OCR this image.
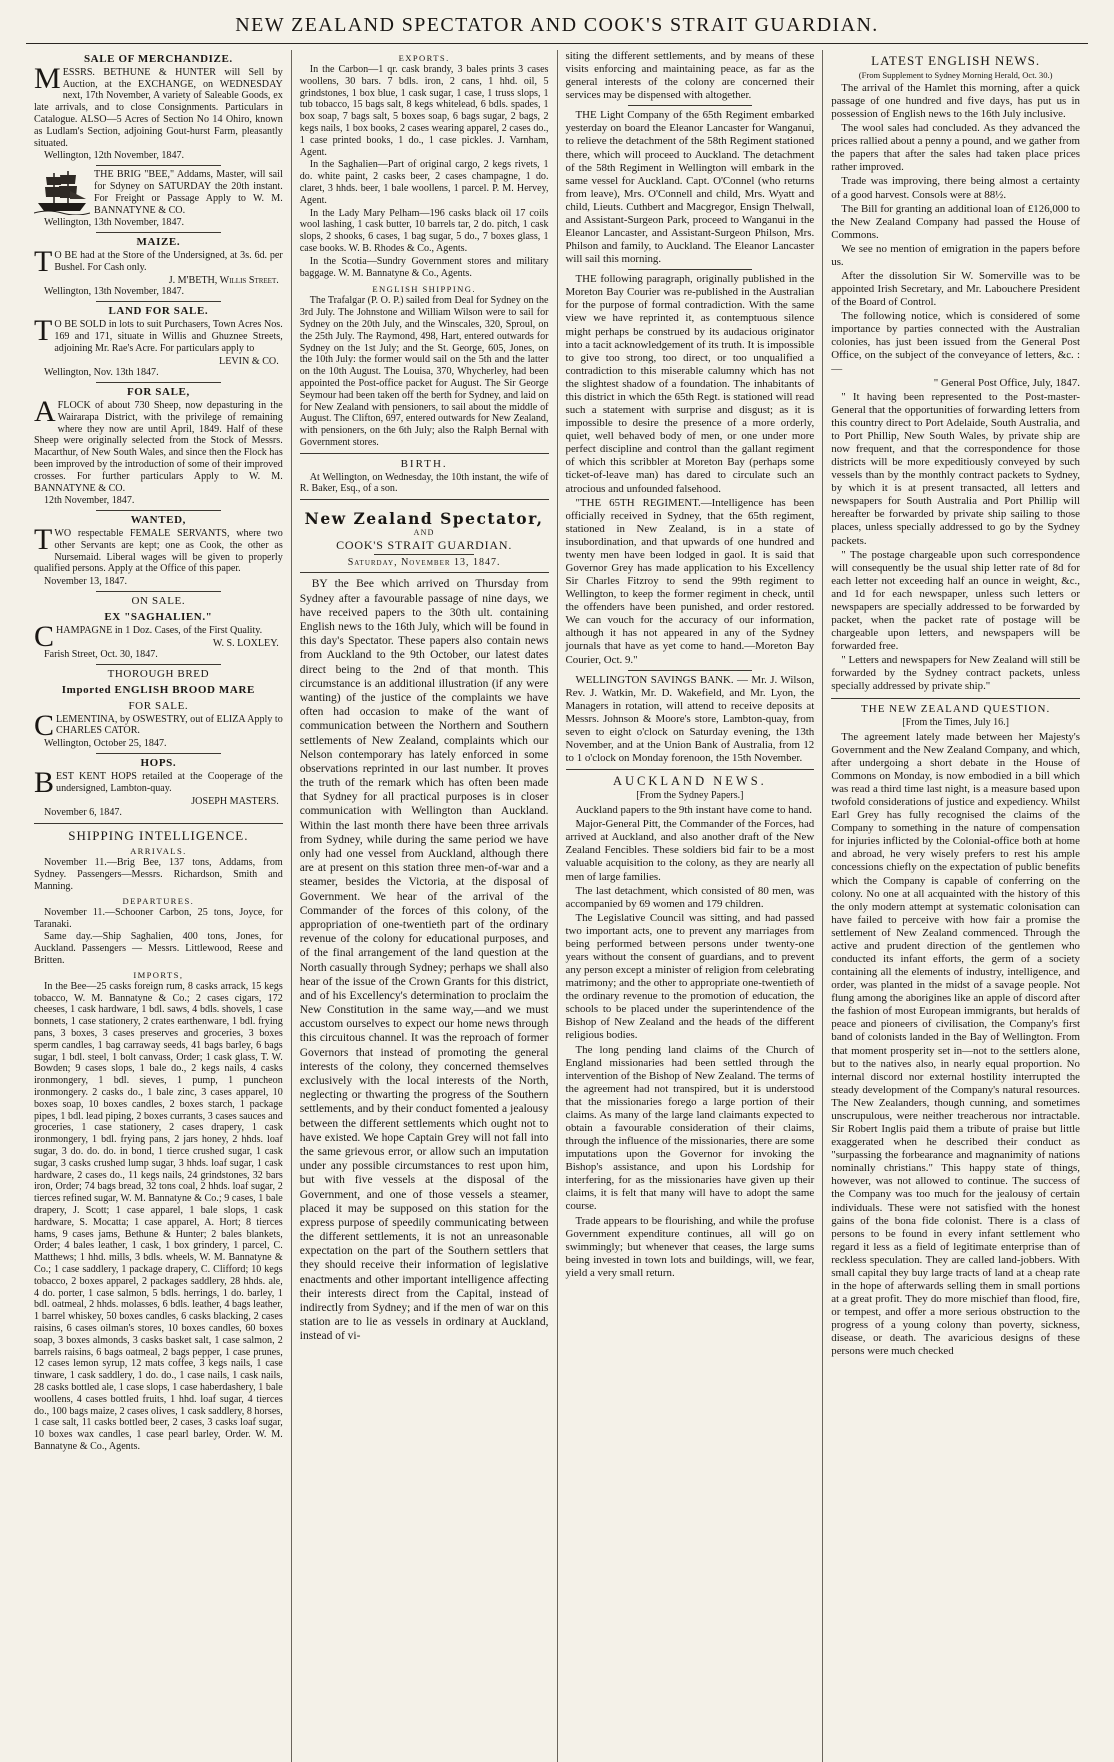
NEW ZEALAND SPECTATOR AND COOK'S STRAIT GUARDIAN.
SALE OF MERCHANDIZE.
MESSRS. BETHUNE & HUNTER will Sell by Auction, at the EXCHANGE, on WEDNESDAY next, 17th November, A variety of Saleable Goods, ex late arrivals, and to close Consignments. Particulars in Catalogue. ALSO—5 Acres of Section No 14 Ohiro, known as Ludlam's Section, adjoining Gout-hurst Farm, pleasantly situated.
Wellington, 12th November, 1847.
THE BRIG "BEE," Addams, Master, will sail for Sdyney on SATURDAY the 20th instant. For Freight or Passage Apply to W. M. BANNATYNE & CO.
Wellington, 13th November, 1847.
MAIZE.
TO BE had at the Store of the Undersigned, at 3s. 6d. per Bushel. For Cash only.
J. M'BETH, Willis Street.
Wellington, 13th November, 1847.
LAND FOR SALE.
TO BE SOLD in lots to suit Purchasers, Town Acres Nos. 169 and 171, situate in Willis and Ghuznee Streets, adjoining Mr. Rae's Acre. For particulars apply to
LEVIN & CO.
Wellington, Nov. 13th 1847.
FOR SALE,
AFLOCK of about 730 Sheep, now depasturing in the Wairarapa District, with the privilege of remaining where they now are until April, 1849. Half of these Sheep were originally selected from the Stock of Messrs. Macarthur, of New South Wales, and since then the Flock has been improved by the introduction of some of their improved crosses. For further particulars Apply to W. M. BANNATYNE & CO.
12th November, 1847.
WANTED,
TWO respectable FEMALE SERVANTS, where two other Servants are kept; one as Cook, the other as Nursemaid. Liberal wages will be given to properly qualified persons. Apply at the Office of this paper.
November 13, 1847.
ON SALE.
EX "SAGHALIEN."
CHAMPAGNE in 1 Doz. Cases, of the First Quality.
W. S. LOXLEY.
Farish Street, Oct. 30, 1847.
THOROUGH BRED
Imported ENGLISH BROOD MARE
FOR SALE.
CLEMENTINA, by OSWESTRY, out of ELIZA Apply to CHARLES CATOR.
Wellington, October 25, 1847.
HOPS.
BEST KENT HOPS retailed at the Cooperage of the undersigned, Lambton-quay.
JOSEPH MASTERS.
November 6, 1847.
SHIPPING INTELLIGENCE.
ARRIVALS.
November 11.—Brig Bee, 137 tons, Addams, from Sydney. Passengers—Messrs. Richardson, Smith and Manning.
DEPARTURES.
November 11.—Schooner Carbon, 25 tons, Joyce, for Taranaki.
Same day.—Ship Saghalien, 400 tons, Jones, for Auckland. Passengers — Messrs. Littlewood, Reese and Britten.
IMPORTS,
In the Bee—25 casks foreign rum, 8 casks arrack, 15 kegs tobacco, W. M. Bannatyne & Co.; 2 cases cigars, 172 cheeses, 1 cask hardware, 1 bdl. saws, 4 bdls. shovels, 1 case bonnets, 1 case stationery, 2 crates earthenware, 1 bdl. frying pans, 3 boxes, 3 cases preserves and groceries, 3 boxes sperm candles, 1 bag carraway seeds, 41 bags barley, 6 bags sugar, 1 bdl. steel, 1 bolt canvass, Order; 1 cask glass, T. W. Bowden; 9 cases slops, 1 bale do., 2 kegs nails, 4 casks ironmongery, 1 bdl. sieves, 1 pump, 1 puncheon ironmongery. 2 casks do., 1 bale zinc, 3 cases apparel, 10 boxes soap, 10 boxes candles, 2 boxes starch, 1 package pipes, 1 bdl. lead piping, 2 boxes currants, 3 cases sauces and groceries, 1 case stationery, 2 cases drapery, 1 cask ironmongery, 1 bdl. frying pans, 2 jars honey, 2 hhds. loaf sugar, 3 do. do. do. in bond, 1 tierce crushed sugar, 1 cask sugar, 3 casks crushed lump sugar, 3 hhds. loaf sugar, 1 cask hardware, 2 cases do., 11 kegs nails, 24 grindstones, 32 bars iron, Order; 74 bags bread, 32 tons coal, 2 hhds. loaf sugar, 2 tierces refined sugar, W. M. Bannatyne & Co.; 9 cases, 1 bale drapery, J. Scott; 1 case apparel, 1 bale slops, 1 cask hardware, S. Mocatta; 1 case apparel, A. Hort; 8 tierces hams, 9 cases jams, Bethune & Hunter; 2 bales blankets, Order; 4 bales leather, 1 cask, 1 box grindery, 1 parcel, C. Matthews; 1 hhd. mills, 3 bdls. wheels, W. M. Bannatyne & Co.; 1 case saddlery, 1 package drapery, C. Clifford; 10 kegs tobacco, 2 boxes apparel, 2 packages saddlery, 28 hhds. ale, 4 do. porter, 1 case salmon, 5 bdls. herrings, 1 do. barley, 1 bdl. oatmeal, 2 hhds. molasses, 6 bdls. leather, 4 bags leather, 1 barrel whiskey, 50 boxes candles, 6 casks blacking, 2 cases raisins, 6 cases oilman's stores, 10 boxes candles, 60 boxes soap, 3 boxes almonds, 3 casks basket salt, 1 case salmon, 2 barrels raisins, 6 bags oatmeal, 2 bags pepper, 1 case prunes, 12 cases lemon syrup, 12 mats coffee, 3 kegs nails, 1 case tinware, 1 cask saddlery, 1 do. do., 1 case nails, 1 cask nails, 28 casks bottled ale, 1 case slops, 1 case haberdashery, 1 bale woollens, 4 cases bottled fruits, 1 hhd. loaf sugar, 4 tierces do., 100 bags maize, 2 cases olives, 1 cask saddlery, 8 horses, 1 case salt, 11 casks bottled beer, 2 cases, 3 casks loaf sugar, 10 boxes wax candles, 1 case pearl barley, Order. W. M. Bannatyne & Co., Agents.
EXPORTS.
In the Carbon—1 qr. cask brandy, 3 bales prints 3 cases woollens, 30 bars. 7 bdls. iron, 2 cans, 1 hhd. oil, 5 grindstones, 1 box blue, 1 cask sugar, 1 case, 1 truss slops, 1 tub tobacco, 15 bags salt, 8 kegs whitelead, 6 bdls. spades, 1 box soap, 7 bags salt, 5 boxes soap, 6 bags sugar, 2 bags, 2 kegs nails, 1 box books, 2 cases wearing apparel, 2 cases do., 1 case printed books, 1 do., 1 case pickles. J. Varnham, Agent.
In the Saghalien—Part of original cargo, 2 kegs rivets, 1 do. white paint, 2 casks beer, 2 cases champagne, 1 do. claret, 3 hhds. beer, 1 bale woollens, 1 parcel. P. M. Hervey, Agent.
In the Lady Mary Pelham—196 casks black oil 17 coils wool lashing, 1 cask butter, 10 barrels tar, 2 do. pitch, 1 cask slops, 2 shooks, 6 cases, 1 bag sugar, 5 do., 7 boxes glass, 1 case books. W. B. Rhodes & Co., Agents.
In the Scotia—Sundry Government stores and military baggage. W. M. Bannatyne & Co., Agents.
ENGLISH SHIPPING.
The Trafalgar (P. O. P.) sailed from Deal for Sydney on the 3rd July. The Johnstone and William Wilson were to sail for Sydney on the 20th July, and the Winscales, 320, Sproul, on the 25th July. The Raymond, 498, Hart, entered outwards for Sydney on the 1st July; and the St. George, 605, Jones, on the 10th July: the former would sail on the 5th and the latter on the 10th August. The Louisa, 370, Whycherley, had been appointed the Post-office packet for August. The Sir George Seymour had been taken off the berth for Sydney, and laid on for New Zealand with pensioners, to sail about the middle of August. The Clifton, 697, entered outwards for New Zealand, with pensioners, on the 6th July; also the Ralph Bernal with Government stores.
BIRTH.
At Wellington, on Wednesday, the 10th instant, the wife of R. Baker, Esq., of a son.
New Zealand Spectator,
AND
COOK'S STRAIT GUARDIAN.
Saturday, November 13, 1847.
BY the Bee which arrived on Thursday from Sydney after a favourable passage of nine days, we have received papers to the 30th ult. containing English news to the 16th July, which will be found in this day's Spectator. These papers also contain news from Auckland to the 9th October, our latest dates direct being to the 2nd of that month. This circumstance is an additional illustration (if any were wanting) of the justice of the complaints we have often had occasion to make of the want of communication between the Northern and Southern settlements of New Zealand, complaints which our Nelson contemporary has lately enforced in some observations reprinted in our last number. It proves the truth of the remark which has often been made that Sydney for all practical purposes is in closer communication with Wellington than Auckland. Within the last month there have been three arrivals from Sydney, while during the same period we have only had one vessel from Auckland, although there are at present on this station three men-of-war and a steamer, besides the Victoria, at the disposal of Government. We hear of the arrival of the Commander of the forces of this colony, of the appropriation of one-twentieth part of the ordinary revenue of the colony for educational purposes, and of the final arrangement of the land question at the North casually through Sydney; perhaps we shall also hear of the issue of the Crown Grants for this district, and of his Excellency's determination to proclaim the New Constitution in the same way,—and we must accustom ourselves to expect our home news through this circuitous channel. It was the reproach of former Governors that instead of promoting the general interests of the colony, they concerned themselves exclusively with the local interests of the North, neglecting or thwarting the progress of the Southern settlements, and by their conduct fomented a jealousy between the different settlements which ought not to have existed. We hope Captain Grey will not fall into the same grievous error, or allow such an imputation under any possible circumstances to rest upon him, but with five vessels at the disposal of the Government, and one of those vessels a steamer, placed it may be supposed on this station for the express purpose of speedily communicating between the different settlements, it is not an unreasonable expectation on the part of the Southern settlers that they should receive their information of legislative enactments and other important intelligence affecting their interests direct from the Capital, instead of indirectly from Sydney; and if the men of war on this station are to lie as vessels in ordinary at Auckland, instead of vi-
siting the different settlements, and by means of these visits enforcing and maintaining peace, as far as the general interests of the colony are concerned their services may be dispensed with altogether.
THE Light Company of the 65th Regiment embarked yesterday on board the Eleanor Lancaster for Wanganui, to relieve the detachment of the 58th Regiment stationed there, which will proceed to Auckland. The detachment of the 58th Regiment in Wellington will embark in the same vessel for Auckland. Capt. O'Connel (who returns from leave), Mrs. O'Connell and child, Mrs. Wyatt and child, Lieuts. Cuthbert and Macgregor, Ensign Thelwall, and Assistant-Surgeon Park, proceed to Wanganui in the Eleanor Lancaster, and Assistant-Surgeon Philson, Mrs. Philson and family, to Auckland. The Eleanor Lancaster will sail this morning.
THE following paragraph, originally published in the Moreton Bay Courier was re-published in the Australian for the purpose of formal contradiction. With the same view we have reprinted it, as contemptuous silence might perhaps be construed by its audacious originator into a tacit acknowledgement of its truth. It is impossible to give too strong, too direct, or too unqualified a contradiction to this miserable calumny which has not the slightest shadow of a foundation. The inhabitants of this district in which the 65th Regt. is stationed will read such a statement with surprise and disgust; as it is impossible to desire the presence of a more orderly, quiet, well behaved body of men, or one under more perfect discipline and control than the gallant regiment of which this scribbler at Moreton Bay (perhaps some ticket-of-leave man) has dared to circulate such an atrocious and unfounded falsehood.
"THE 65TH REGIMENT.—Intelligence has been officially received in Sydney, that the 65th regiment, stationed in New Zealand, is in a state of insubordination, and that upwards of one hundred and twenty men have been lodged in gaol. It is said that Governor Grey has made application to his Excellency Sir Charles Fitzroy to send the 99th regiment to Wellington, to keep the former regiment in check, until the offenders have been punished, and order restored. We can vouch for the accuracy of our information, although it has not appeared in any of the Sydney journals that have as yet come to hand.—Moreton Bay Courier, Oct. 9."
WELLINGTON SAVINGS BANK. — Mr. J. Wilson, Rev. J. Watkin, Mr. D. Wakefield, and Mr. Lyon, the Managers in rotation, will attend to receive deposits at Messrs. Johnson & Moore's store, Lambton-quay, from seven to eight o'clock on Saturday evening, the 13th November, and at the Union Bank of Australia, from 12 to 1 o'clock on Monday forenoon, the 15th November.
AUCKLAND NEWS.
[From the Sydney Papers.]
Auckland papers to the 9th instant have come to hand.
Major-General Pitt, the Commander of the Forces, had arrived at Auckland, and also another draft of the New Zealand Fencibles. These soldiers bid fair to be a most valuable acquisition to the colony, as they are nearly all men of large families.
The last detachment, which consisted of 80 men, was accompanied by 69 women and 179 children.
The Legislative Council was sitting, and had passed two important acts, one to prevent any marriages from being performed between persons under twenty-one years without the consent of guardians, and to prevent any person except a minister of religion from celebrating matrimony; and the other to appropriate one-twentieth of the ordinary revenue to the promotion of education, the schools to be placed under the superintendence of the Bishop of New Zealand and the heads of the different religious bodies.
The long pending land claims of the Church of England missionaries had been settled through the intervention of the Bishop of New Zealand. The terms of the agreement had not transpired, but it is understood that the missionaries forego a large portion of their claims. As many of the large land claimants expected to obtain a favourable consideration of their claims, through the influence of the missionaries, there are some imputations upon the Governor for invoking the Bishop's assistance, and upon his Lordship for interfering, for as the missionaries have given up their claims, it is felt that many will have to adopt the same course.
Trade appears to be flourishing, and while the profuse Government expenditure continues, all will go on swimmingly; but whenever that ceases, the large sums being invested in town lots and buildings, will, we fear, yield a very small return.
LATEST ENGLISH NEWS.
(From Supplement to Sydney Morning Herald, Oct. 30.)
The arrival of the Hamlet this morning, after a quick passage of one hundred and five days, has put us in possession of English news to the 16th July inclusive.
The wool sales had concluded. As they advanced the prices rallied about a penny a pound, and we gather from the papers that after the sales had taken place prices rather improved.
Trade was improving, there being almost a certainty of a good harvest. Consols were at 88½.
The Bill for granting an additional loan of £126,000 to the New Zealand Company had passed the House of Commons.
We see no mention of emigration in the papers before us.
After the dissolution Sir W. Somerville was to be appointed Irish Secretary, and Mr. Labouchere President of the Board of Control.
The following notice, which is considered of some importance by parties connected with the Australian colonies, has just been issued from the General Post Office, on the subject of the conveyance of letters, &c. :—
" General Post Office, July, 1847.
" It having been represented to the Post-master-General that the opportunities of forwarding letters from this country direct to Port Adelaide, South Australia, and to Port Phillip, New South Wales, by private ship are now frequent, and that the correspondence for those districts will be more expeditiously conveyed by such vessels than by the monthly contract packets to Sydney, by which it is at present transacted, all letters and newspapers for South Australia and Port Phillip will hereafter be forwarded by private ship sailing to those places, unless specially addressed to go by the Sydney packets.
" The postage chargeable upon such correspondence will consequently be the usual ship letter rate of 8d for each letter not exceeding half an ounce in weight, &c., and 1d for each newspaper, unless such letters or newspapers are specially addressed to be forwarded by packet, when the packet rate of postage will be chargeable upon letters, and newspapers will be forwarded free.
" Letters and newspapers for New Zealand will still be forwarded by the Sydney contract packets, unless specially addressed by private ship."
THE NEW ZEALAND QUESTION.
[From the Times, July 16.]
The agreement lately made between her Majesty's Government and the New Zealand Company, and which, after undergoing a short debate in the House of Commons on Monday, is now embodied in a bill which was read a third time last night, is a measure based upon twofold considerations of justice and expediency. Whilst Earl Grey has fully recognised the claims of the Company to something in the nature of compensation for injuries inflicted by the Colonial-office both at home and abroad, he very wisely prefers to rest his ample concessions chiefly on the expectation of public benefits which the Company is capable of conferring on the colony. No one at all acquainted with the history of this the only modern attempt at systematic colonisation can have failed to perceive with how fair a promise the settlement of New Zealand commenced. Through the active and prudent direction of the gentlemen who conducted its infant efforts, the germ of a society containing all the elements of industry, intelligence, and order, was planted in the midst of a savage people. Not flung among the aborigines like an apple of discord after the fashion of most European immigrants, but heralds of peace and pioneers of civilisation, the Company's first band of colonists landed in the Bay of Wellington. From that moment prosperity set in—not to the settlers alone, but to the natives also, in nearly equal proportion. No internal discord nor external hostility interrupted the steady development of the Company's natural resources. The New Zealanders, though cunning, and sometimes unscrupulous, were neither treacherous nor intractable. Sir Robert Inglis paid them a tribute of praise but little exaggerated when he described their conduct as "surpassing the forbearance and magnanimity of nations nominally christians." This happy state of things, however, was not allowed to continue. The success of the Company was too much for the jealousy of certain individuals. These were not satisfied with the honest gains of the bona fide colonist. There is a class of persons to be found in every infant settlement who regard it less as a field of legitimate enterprise than of reckless speculation. They are called land-jobbers. With small capital they buy large tracts of land at a cheap rate in the hope of afterwards selling them in small portions at a great profit. They do more mischief than flood, fire, or tempest, and offer a more serious obstruction to the progress of a young colony than poverty, sickness, disease, or death. The avaricious designs of these persons were much checked
